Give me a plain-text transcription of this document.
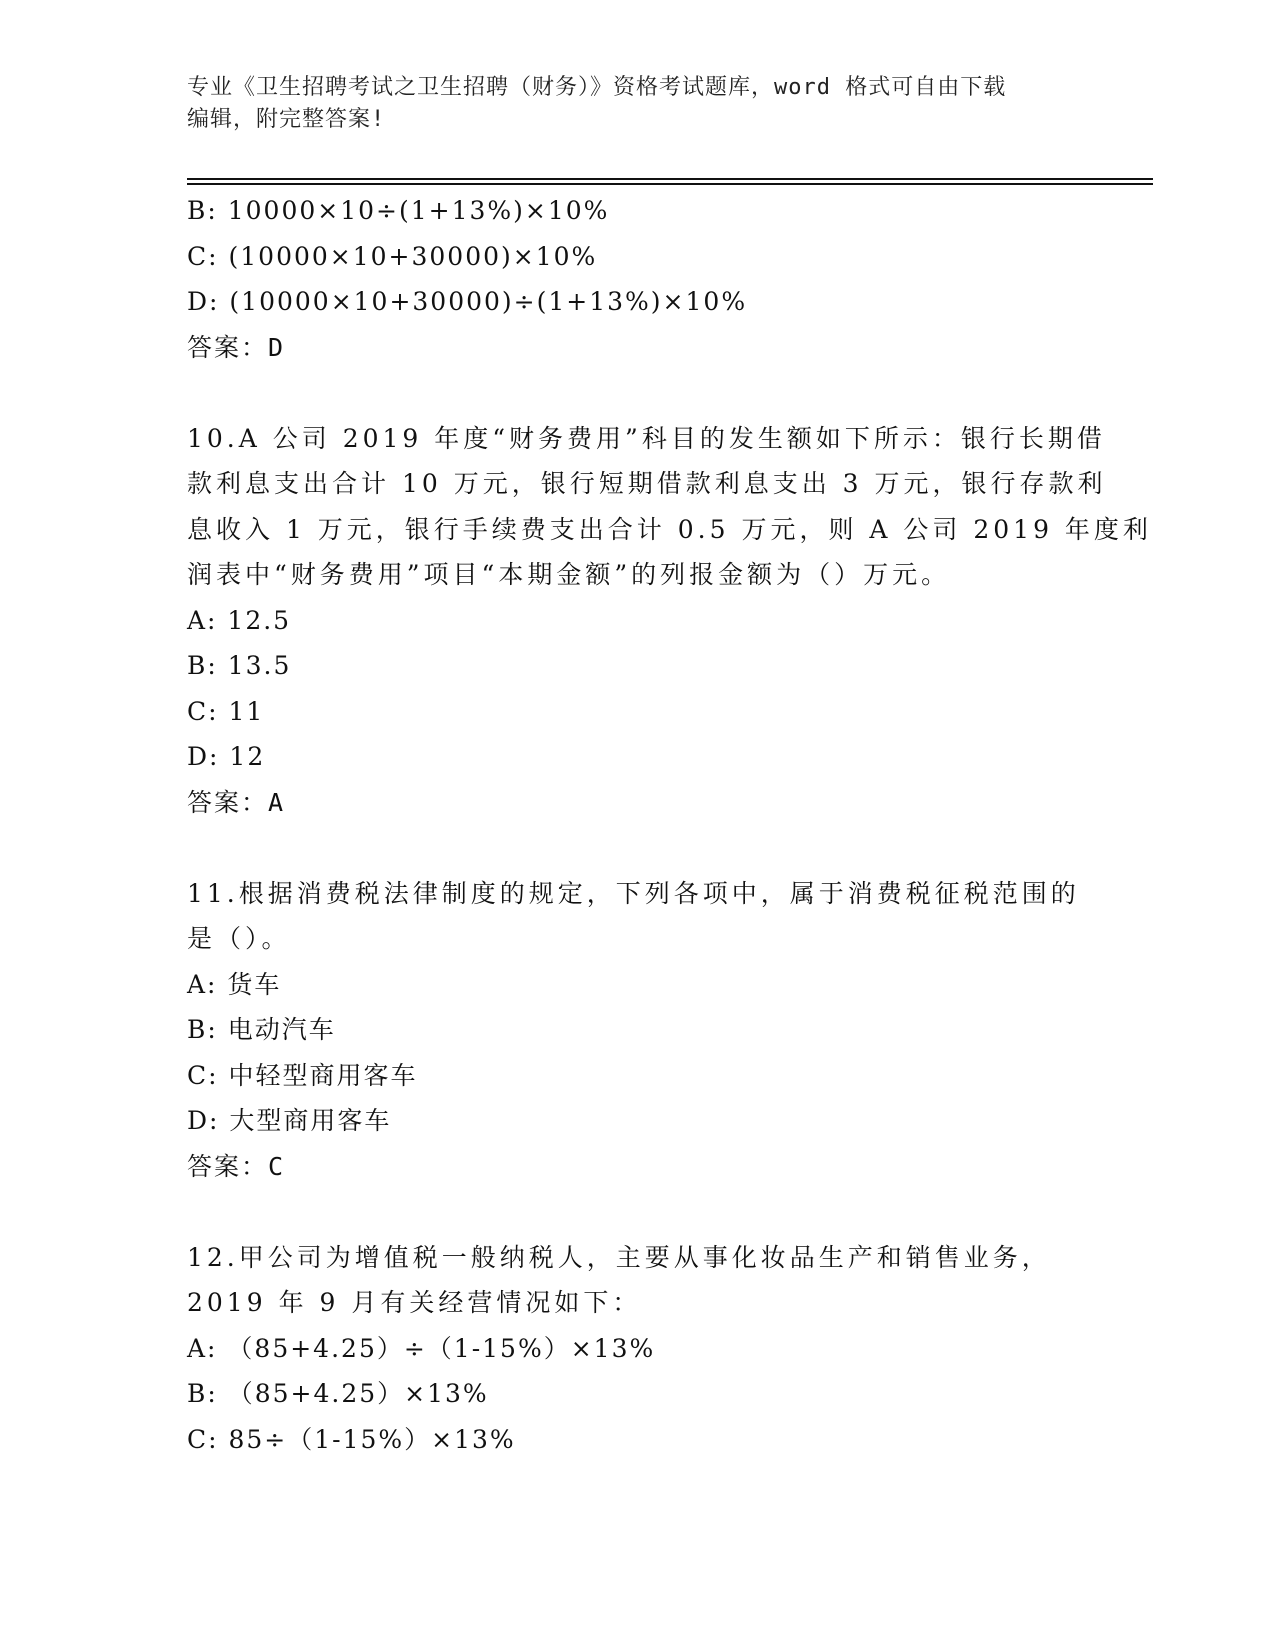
专业《卫生招聘考试之卫生招聘（财务）》资格考试题库，word 格式可自由下载
编辑，附完整答案!
B: 10000×10÷(1+13%)×10%
C: (10000×10+30000)×10%
D: (10000×10+30000)÷(1+13%)×10%
答案：D
10.A 公司 2019 年度“财务费用”科目的发生额如下所示：银行长期借
款利息支出合计 10 万元，银行短期借款利息支出 3 万元，银行存款利
息收入 1 万元，银行手续费支出合计 0.5 万元，则 A 公司 2019 年度利
润表中“财务费用”项目“本期金额”的列报金额为（）万元。
A: 12.5
B: 13.5
C: 11
D: 12
答案：A
11.根据消费税法律制度的规定，下列各项中，属于消费税征税范围的
是（）。
A: 货车
B: 电动汽车
C: 中轻型商用客车
D: 大型商用客车
答案：C
12.甲公司为增值税一般纳税人，主要从事化妆品生产和销售业务，
2019 年 9 月有关经营情况如下：
A: （85+4.25）÷（1-15%）×13%
B: （85+4.25）×13%
C: 85÷（1-15%）×13%
